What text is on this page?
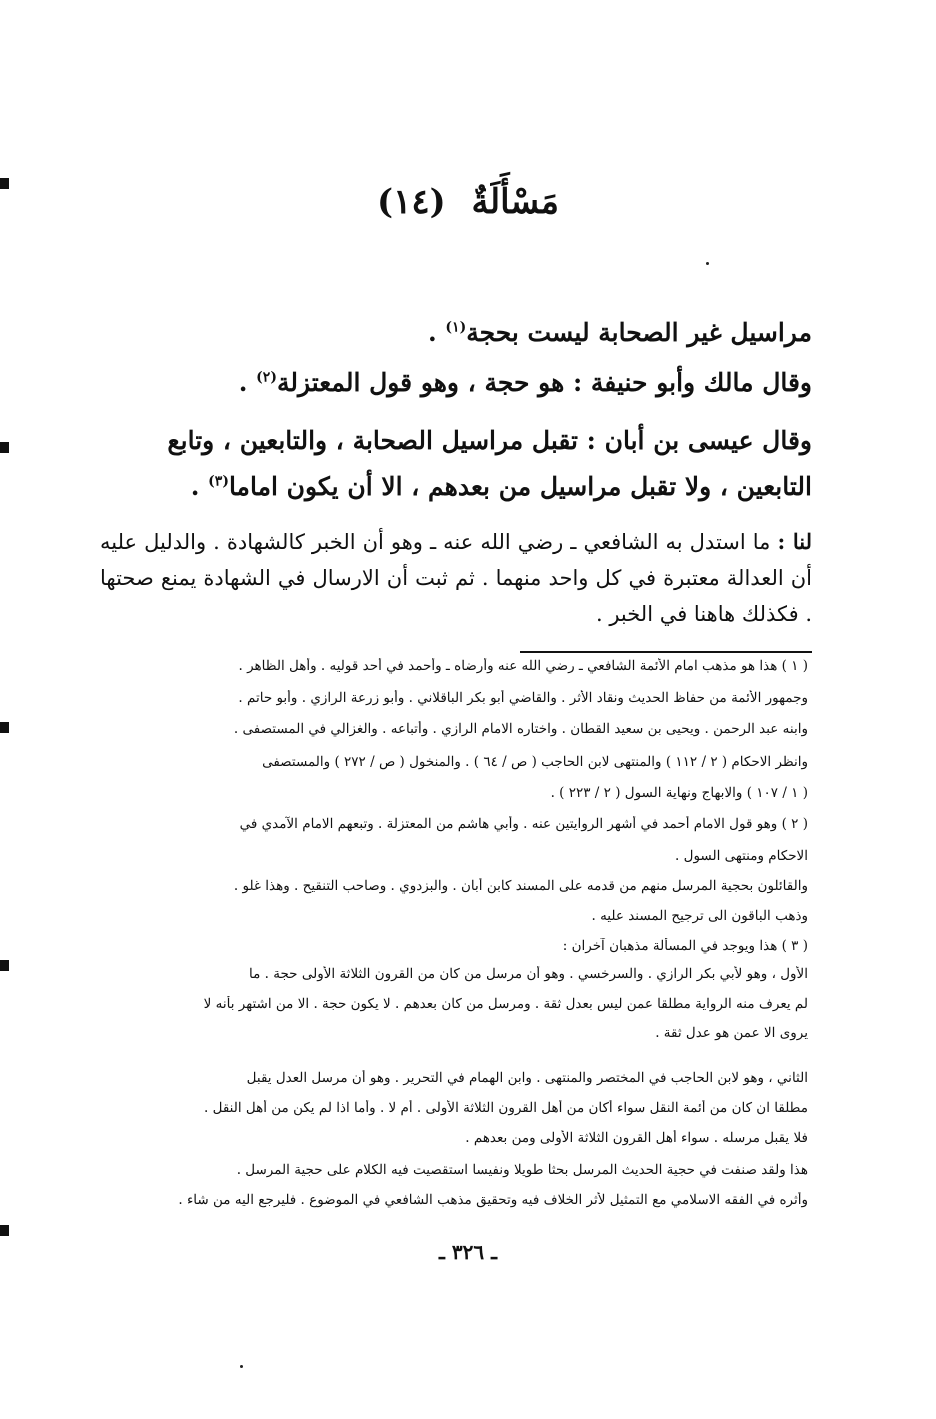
مَسْأَلَةٌ (١٤)
مراسيل غير الصحابة ليست بحجة$^{(١)}$ .
وقال مالك وأبو حنيفة : هو حجة ، وهو قول المعتزلة$^{(٢)}$ .
وقال عيسى بن أبان : تقبل مراسيل الصحابة ، والتابعين ، وتابع
التابعين ، ولا تقبل مراسيل من بعدهم ، الا أن يكون اماما$^{(٣)}$ .
لنا : ما استدل به الشافعي ـ رضي الله عنه ـ وهو أن الخبر كالشهادة . والدليل عليه أن العدالة معتبرة في كل واحد منهما . ثم ثبت أن الارسال في الشهادة يمنع صحتها . فكذلك هاهنا في الخبر .
( ١ ) هذا هو مذهب امام الأئمة الشافعي ـ رضي الله عنه وأرضاه ـ وأحمد في أحد قوليه . وأهل الظاهر .
وجمهور الأئمة من حفاظ الحديث ونقاد الأثر . والقاضي أبو بكر الباقلاني . وأبو زرعة الرازي . وأبو حاتم .
وابنه عبد الرحمن . ويحيى بن سعيد القطان . واختاره الامام الرازي . وأتباعه . والغزالي في المستصفى .
وانظر الاحكام ( ٢ / ١١٢ ) والمنتهى لابن الحاجب ( ص / ٦٤ ) . والمنخول ( ص / ٢٧٢ ) والمستصفى
( ١ / ١٠٧ ) والابهاج ونهاية السول ( ٢ / ٢٢٣ ) .
( ٢ ) وهو قول الامام أحمد في أشهر الروايتين عنه . وأبي هاشم من المعتزلة . وتبعهم الامام الآمدي في
الاحكام ومنتهى السول .
والقائلون بحجية المرسل منهم من قدمه على المسند كابن أبان . والبزدوي . وصاحب التنقيح . وهذا غلو .
وذهب الباقون الى ترجيح المسند عليه .
( ٣ ) هذا ويوجد في المسألة مذهبان آخران :
الأول ، وهو لأبي بكر الرازي . والسرخسي . وهو أن مرسل من كان من القرون الثلاثة الأولى حجة . ما
لم يعرف منه الرواية مطلقا عمن ليس بعدل ثقة . ومرسل من كان بعدهم . لا يكون حجة . الا من اشتهر بأنه لا
يروى الا عمن هو عدل ثقة .
الثاني ، وهو لابن الحاجب في المختصر والمنتهى . وابن الهمام في التحرير . وهو أن مرسل العدل يقبل
مطلقا ان كان من أئمة النقل سواء أكان من أهل القرون الثلاثة الأولى . أم لا . وأما اذا لم يكن من أهل النقل .
فلا يقبل مرسله . سواء أهل القرون الثلاثة الأولى ومن بعدهم .
هذا ولقد صنفت في حجية الحديث المرسل بحثا طويلا ونفيسا استقصيت فيه الكلام على حجية المرسل .
وأثره في الفقه الاسلامي مع التمثيل لأثر الخلاف فيه وتحقيق مذهب الشافعي في الموضوع . فليرجع اليه من شاء .
ـ ٣٢٦ ـ
